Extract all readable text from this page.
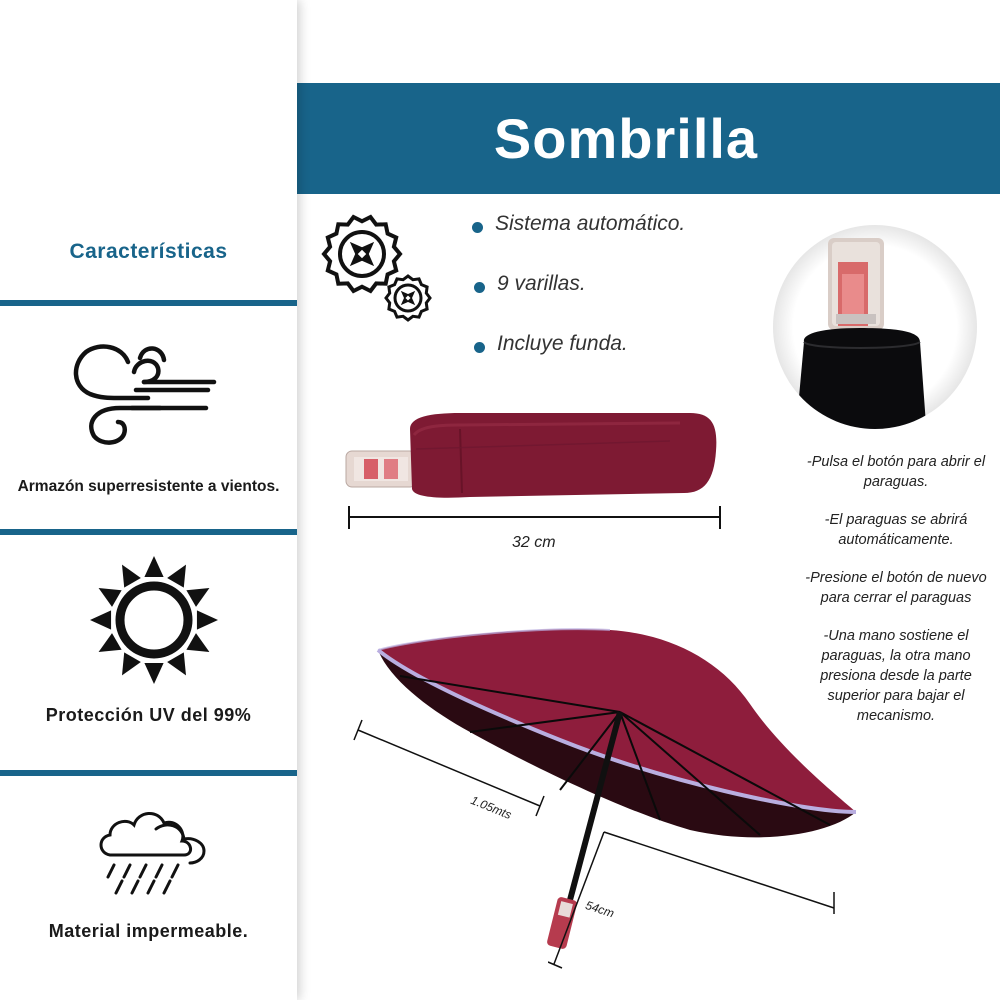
Características
Armazón superresistente a vientos.
Protección UV del 99%
Material impermeable.
PA273404	Sombrilla
Sistema automático.
9 varillas.
Incluye funda.
32 cm
1.05mts
54cm

-Pulsa el botón para abrir el paraguas.

-El paraguas se abrirá automáticamente.

-Presione el botón de nuevo para cerrar el paraguas

-Una mano sostiene el paraguas, la otra mano presiona desde la parte superior para bajar el mecanismo.
